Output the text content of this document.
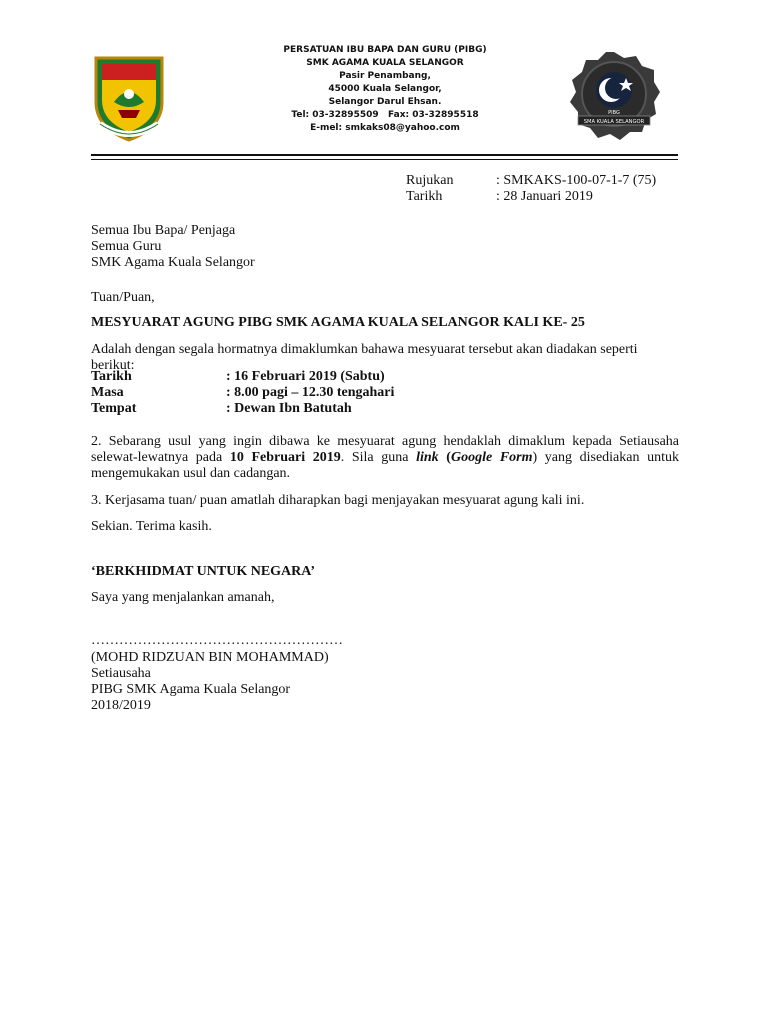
PERSATUAN IBU BAPA DAN GURU (PIBG)
SMK AGAMA KUALA SELANGOR
Pasir Penambang,
45000 Kuala Selangor,
Selangor Darul Ehsan.
Tel: 03-32895509   Fax: 03-32895518
E-mel: smkaks08@yahoo.com
PIBG
SMA KUALA SELANGOR
Rujukan	: SMKAKS-100-07-1-7 (75)
Tarikh	: 28 Januari 2019
Semua Ibu Bapa/ Penjaga
Semua Guru
SMK Agama Kuala Selangor
Tuan/Puan,
MESYUARAT AGUNG PIBG SMK AGAMA KUALA SELANGOR KALI KE- 25
Adalah dengan segala hormatnya dimaklumkan bahawa mesyuarat tersebut akan diadakan seperti berikut:
Tarikh	: 16 Februari 2019 (Sabtu)
Masa	: 8.00 pagi – 12.30 tengahari
Tempat	: Dewan Ibn Batutah
2. Sebarang usul yang ingin dibawa ke mesyuarat agung hendaklah dimaklum kepada Setiausaha selewat-lewatnya pada 10 Februari 2019. Sila guna link (Google Form) yang disediakan untuk mengemukakan usul dan cadangan.
3. Kerjasama tuan/ puan amatlah diharapkan bagi menjayakan mesyuarat agung kali ini.
Sekian. Terima kasih.
‘BERKHIDMAT UNTUK NEGARA’
Saya yang menjalankan amanah,
………………………………………………
(MOHD RIDZUAN BIN MOHAMMAD)
Setiausaha
PIBG SMK Agama Kuala Selangor
2018/2019
